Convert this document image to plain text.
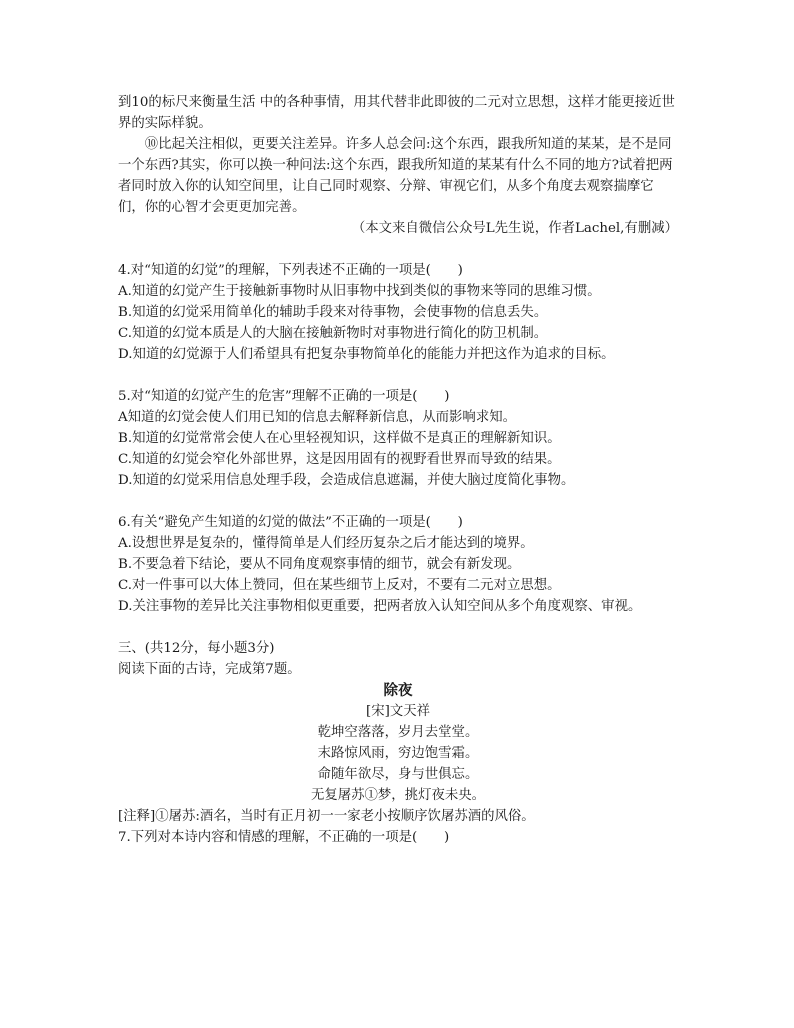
到10的标尺来衡量生活 中的各种事情，用其代替非此即彼的二元对立思想，这样才能更接近世界的实际样貌。

⑩比起关注相似，更要关注差异。许多人总会问:这个东西，跟我所知道的某某，是不是同一个东西?其实，你可以换一种问法:这个东西，跟我所知道的某某有什么不同的地方?试着把两者同时放入你的认知空间里，让自己同时观察、分辩、审视它们，从多个角度去观察揣摩它们，你的心智才会更更加完善。

（本文来自微信公众号L先生说，作者Lachel,有删减）

4.对“知道的幻觉”的理解，下列表述不正确的一项是(　　)

A.知道的幻觉产生于接触新事物时从旧事物中找到类似的事物来等同的思维习惯。

B.知道的幻觉采用简单化的辅助手段来对待事物，会使事物的信息丢失。

C.知道的幻觉本质是人的大脑在接触新物时对事物进行简化的防卫机制。

D.知道的幻觉源于人们希望具有把复杂事物简单化的能能力并把这作为追求的目标。

5.对“知道的幻觉产生的危害”理解不正确的一项是(　　)

A知道的幻觉会使人们用已知的信息去解释新信息，从而影响求知。

B.知道的幻觉常常会使人在心里轻视知识，这样做不是真正的理解新知识。

C.知道的幻觉会窄化外部世界，这是因用固有的视野看世界而导致的结果。

D.知道的幻觉采用信息处理手段，会造成信息遮漏，并使大脑过度简化事物。

6.有关“避免产生知道的幻觉的做法”不正确的一项是(　　)

A.设想世界是复杂的，懂得简单是人们经历复杂之后才能达到的境界。

B.不要急着下结论，要从不同角度观察事情的细节，就会有新发现。

C.对一件事可以大体上赞同，但在某些细节上反对，不要有二元对立思想。

D.关注事物的差异比关注事物相似更重要，把两者放入认知空间从多个角度观察、审视。

三、(共12分，每小题3分)

阅读下面的古诗，完成第7题。

除夜

[宋]文天祥

乾坤空落落，岁月去堂堂。

末路惊风雨，穷边饱雪霜。

命随年欲尽，身与世俱忘。

无复屠苏①梦，挑灯夜未央。

[注释]①屠苏:酒名，当时有正月初一一家老小按顺序饮屠苏酒的风俗。

7.下列对本诗内容和情感的理解，不正确的一项是(　　)
